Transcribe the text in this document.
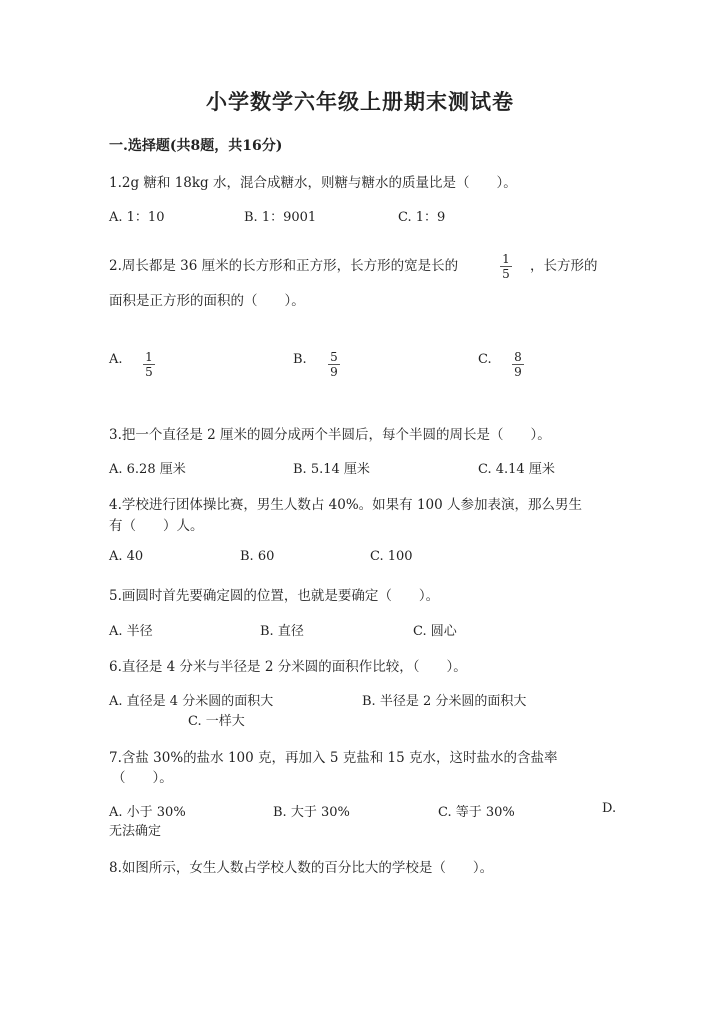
小学数学六年级上册期末测试卷
一.选择题(共8题，共16分)
1.2g 糖和 18kg 水，混合成糖水，则糖与糖水的质量比是（　　）。
A. 1：10	B. 1：9001	C. 1：9
2.周长都是 36 厘米的长方形和正方形，长方形的宽是长的	$\frac{1}{5}$ ，长方形的
面积是正方形的面积的（　　）。
A. $\frac{1}{5}$	B. $\frac{5}{9}$	C. $\frac{8}{9}$
3.把一个直径是 2 厘米的圆分成两个半圆后，每个半圆的周长是（　　）。
A. 6.28 厘米	B. 5.14 厘米	C. 4.14 厘米
4.学校进行团体操比赛，男生人数占 40%。如果有 100 人参加表演，那么男生
有（　　）人。
A. 40	B. 60	C. 100
5.画圆时首先要确定圆的位置，也就是要确定（　　）。
A. 半径	B. 直径	C. 圆心
6.直径是 4 分米与半径是 2 分米圆的面积作比较，（　　）。
A. 直径是 4 分米圆的面积大	B. 半径是 2 分米圆的面积大
C. 一样大
7.含盐 30%的盐水 100 克，再加入 5 克盐和 15 克水，这时盐水的含盐率
（　　）。
A. 小于 30%	B. 大于 30%	C. 等于 30%	D.
无法确定
8.如图所示，女生人数占学校人数的百分比大的学校是（　　）。
